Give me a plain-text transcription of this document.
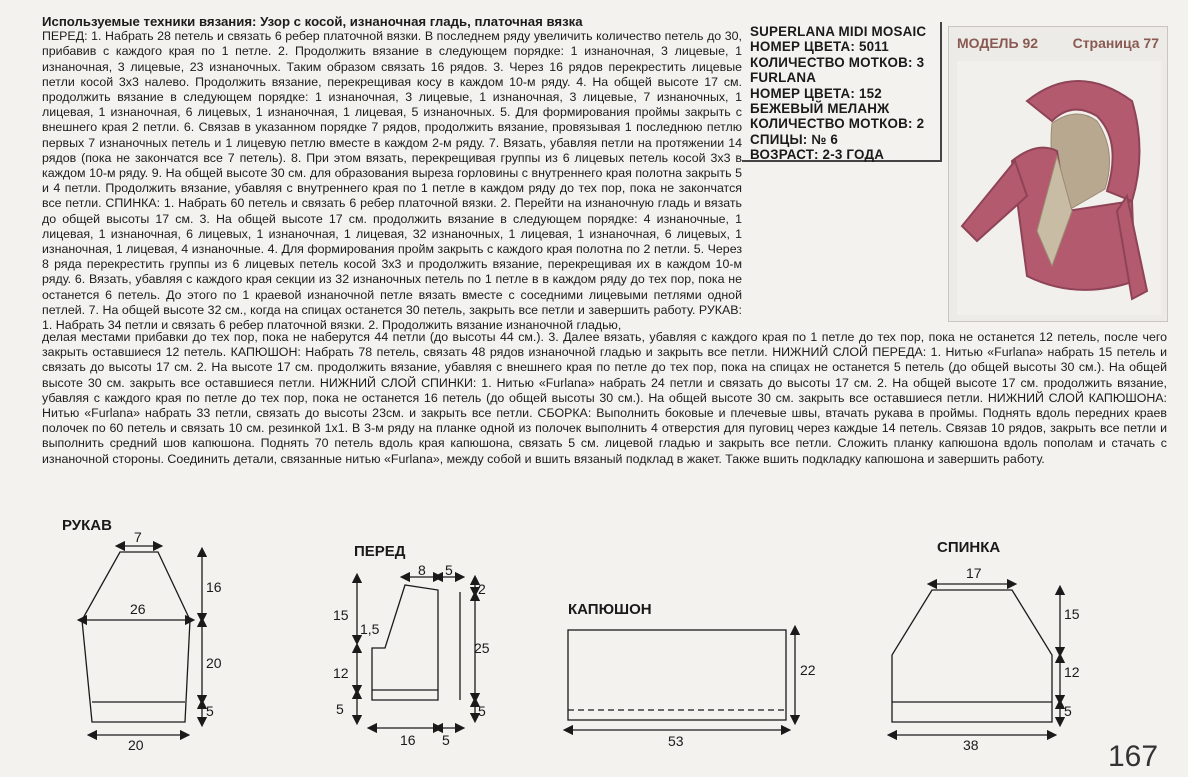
Используемые техники вязания: Узор с косой, изнаночная гладь, платочная вязка
ПЕРЕД: 1. Набрать 28 петель и связать 6 ребер платочной вязки. В последнем ряду увеличить количество петель до 30, прибавив с каждого края по 1 петле. 2. Продолжить вязание в следующем порядке: 1 изнаночная, 3 лицевые, 1 изнаночная, 3 лицевые, 23 изнаночных. Таким образом связать 16 рядов. 3. Через 16 рядов перекрестить лицевые петли косой 3х3 налево. Продолжить вязание, перекрещивая косу в каждом 10-м ряду. 4. На общей высоте 17 см. продолжить вязание в следующем порядке: 1 изнаночная, 3 лицевые, 1 изнаночная, 3 лицевые, 7 изнаночных, 1 лицевая, 1 изнаночная, 6 лицевых, 1 изнаночная, 1 лицевая, 5 изнаночных. 5. Для формирования проймы закрыть с внешнего края 2 петли. 6. Связав в указанном порядке 7 рядов, продолжить вязание, провязывая 1 последнюю петлю первых 7 изнаночных петель и 1 лицевую петлю вместе в каждом 2-м ряду. 7. Вязать, убавляя петли на протяжении 14 рядов (пока не закончатся все 7 петель). 8. При этом вязать, перекрещивая группы из 6 лицевых петель косой 3х3 в каждом 10-м ряду. 9. На общей высоте 30 см. для образования выреза горловины с внутреннего края полотна закрыть 5 и 4 петли. Продолжить вязание, убавляя с внутреннего края по 1 петле в каждом ряду до тех пор, пока не закончатся все петли. СПИНКА: 1. Набрать 60 петель и связать 6 ребер платочной вязки. 2. Перейти на изнаночную гладь и вязать до общей высоты 17 см. 3. На общей высоте 17 см. продолжить вязание в следующем порядке: 4 изнаночные, 1 лицевая, 1 изнаночная, 6 лицевых, 1 изнаночная, 1 лицевая, 32 изнаночных, 1 лицевая, 1 изнаночная, 6 лицевых, 1 изнаночная, 1 лицевая, 4 изнаночные. 4. Для формирования пройм закрыть с каждого края полотна по 2 петли. 5. Через 8 ряда перекрестить группы из 6 лицевых петель косой 3х3 и продолжить вязание, перекрещивая их в каждом 10-м ряду. 6. Вязать, убавляя с каждого края секции из 32 изнаночных петель по 1 петле в в каждом ряду до тех пор, пока не останется 6 петель. До этого по 1 краевой изнаночной петле вязать вместе с соседними лицевыми петлями одной петлей. 7. На общей высоте 32 см., когда на спицах останется 30 петель, закрыть все петли и завершить работу. РУКАВ: 1. Набрать 34 петли и связать 6 ребер платочной вязки. 2. Продолжить вязание изнаночной гладью,
делая местами прибавки до тех пор, пока не наберутся 44 петли (до высоты 44 см.). 3. Далее вязать, убавляя с каждого края по 1 петле до тех пор, пока не останется 12 петель, после чего закрыть оставшиеся 12 петель. КАПЮШОН: Набрать 78 петель, связать 48 рядов изнаночной гладью и закрыть все петли. НИЖНИЙ СЛОЙ ПЕРЕДА: 1. Нитью «Furlana» набрать 15 петель и связать до высоты 17 см. 2. На высоте 17 см. продолжить вязание, убавляя с внешнего края по петле до тех пор, пока на спицах не останется 5 петель (до общей высоты 30 см.). На общей высоте 30 см. закрыть все оставшиеся петли. НИЖНИЙ СЛОЙ СПИНКИ: 1. Нитью «Furlana» набрать 24 петли и связать до высоты 17 см. 2. На общей высоте 17 см. продолжить вязание, убавляя с каждого края по петле до тех пор, пока не останется 16 петель (до общей высоты 30 см.). На общей высоте 30 см. закрыть все оставшиеся петли. НИЖНИЙ СЛОЙ КАПЮШОНА: Нитью «Furlana» набрать 33 петли, связать до высоты 23см. и закрыть все петли. СБОРКА: Выполнить боковые и плечевые швы, втачать рукава в проймы. Поднять вдоль передних краев полочек по 60 петель и связать 10 см. резинкой 1х1. В 3-м ряду на планке одной из полочек выполнить 4 отверстия для пуговиц через каждые 14 петель. Связав 10 рядов, закрыть все петли и выполнить средний шов капюшона. Поднять 70 петель вдоль края капюшона, связать 5 см. лицевой гладью и закрыть все петли. Сложить планку капюшона вдоль пополам и стачать с изнаночной стороны. Соединить детали, связанные нитью «Furlana», между собой и вшить вязаный подклад в жакет. Также вшить подкладку капюшона и завершить работу.
SUPERLANA MIDI MOSAIC
НОМЕР ЦВЕТА: 5011
КОЛИЧЕСТВО МОТКОВ: 3
FURLANA
НОМЕР ЦВЕТА: 152
БЕЖЕВЫЙ МЕЛАНЖ
КОЛИЧЕСТВО МОТКОВ: 2
СПИЦЫ: № 6
ВОЗРАСТ: 2-3 ГОДА
МОДЕЛЬ 92 Страница 77
РУКАВ
7
26
20
16
20
5
ПЕРЕД
8 5
2
15
1,5
12
5
25
5
16 5
КАПЮШОН
22
53
СПИНКА
17
15
12
5
38	167
